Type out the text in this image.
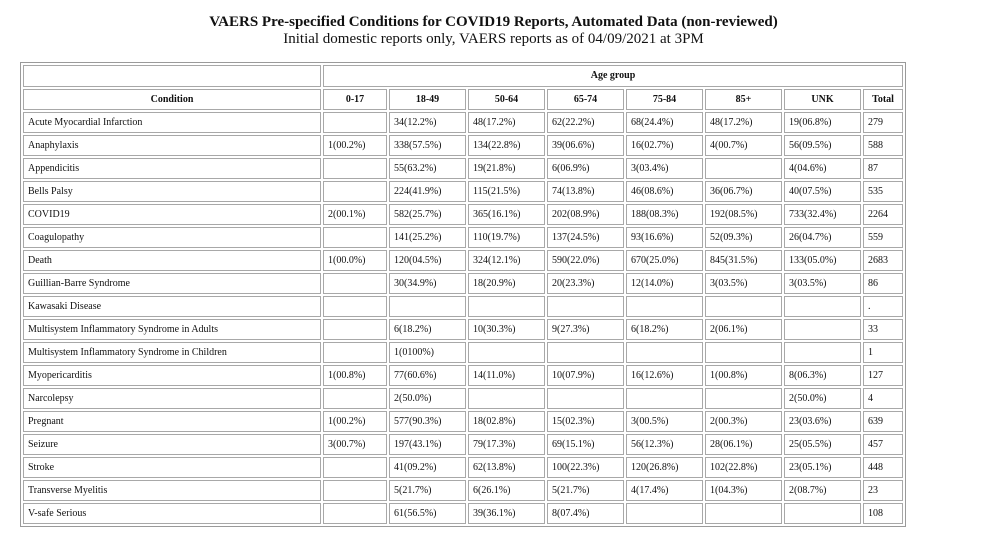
VAERS Pre-specified Conditions for COVID19 Reports, Automated Data (non-reviewed)
Initial domestic reports only, VAERS reports as of 04/09/2021 at 3PM
	Age group							
Condition	0-17	18-49	50-64	65-74	75-84	85+	UNK	Total
Acute Myocardial Infarction		34(12.2%)	48(17.2%)	62(22.2%)	68(24.4%)	48(17.2%)	19(06.8%)	279
Anaphylaxis	1(00.2%)	338(57.5%)	134(22.8%)	39(06.6%)	16(02.7%)	4(00.7%)	56(09.5%)	588
Appendicitis		55(63.2%)	19(21.8%)	6(06.9%)	3(03.4%)		4(04.6%)	87
Bells Palsy		224(41.9%)	115(21.5%)	74(13.8%)	46(08.6%)	36(06.7%)	40(07.5%)	535
COVID19	2(00.1%)	582(25.7%)	365(16.1%)	202(08.9%)	188(08.3%)	192(08.5%)	733(32.4%)	2264
Coagulopathy		141(25.2%)	110(19.7%)	137(24.5%)	93(16.6%)	52(09.3%)	26(04.7%)	559
Death	1(00.0%)	120(04.5%)	324(12.1%)	590(22.0%)	670(25.0%)	845(31.5%)	133(05.0%)	2683
Guillian-Barre Syndrome		30(34.9%)	18(20.9%)	20(23.3%)	12(14.0%)	3(03.5%)	3(03.5%)	86
Kawasaki Disease								.
Multisystem Inflammatory Syndrome in Adults		6(18.2%)	10(30.3%)	9(27.3%)	6(18.2%)	2(06.1%)		33
Multisystem Inflammatory Syndrome in Children		1(0100%)						1
Myopericarditis	1(00.8%)	77(60.6%)	14(11.0%)	10(07.9%)	16(12.6%)	1(00.8%)	8(06.3%)	127
Narcolepsy		2(50.0%)					2(50.0%)	4
Pregnant	1(00.2%)	577(90.3%)	18(02.8%)	15(02.3%)	3(00.5%)	2(00.3%)	23(03.6%)	639
Seizure	3(00.7%)	197(43.1%)	79(17.3%)	69(15.1%)	56(12.3%)	28(06.1%)	25(05.5%)	457
Stroke		41(09.2%)	62(13.8%)	100(22.3%)	120(26.8%)	102(22.8%)	23(05.1%)	448
Transverse Myelitis		5(21.7%)	6(26.1%)	5(21.7%)	4(17.4%)	1(04.3%)	2(08.7%)	23
V-safe Serious		61(56.5%)	39(36.1%)	8(07.4%)				108
